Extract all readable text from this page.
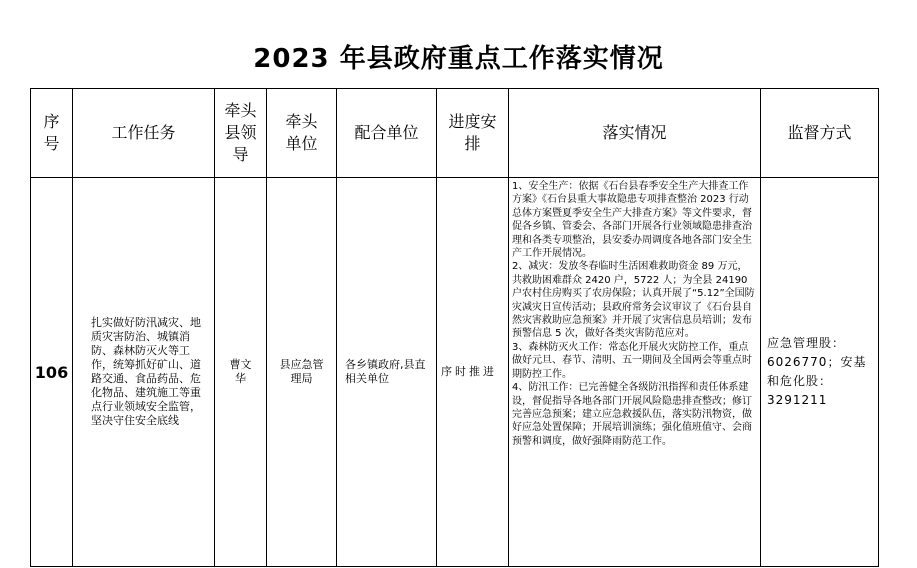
2023 年县政府重点工作落实情况
序号	工作任务	牵头县领导	牵头单位	配合单位	进度安排	落实情况	监督方式
106	扎实做好防汛减灾、地质灾害防治、城镇消防、森林防灭火等工作，统筹抓好矿山、道路交通、食品药品、危化物品、建筑施工等重点行业领域安全监管，坚决守住安全底线	曹文华	县应急管理局	各乡镇政府,县直相关单位	序时推进	1、安全生产：依据《石台县春季安全生产大排查工作方案》《石台县重大事故隐患专项排查整治 2023 行动总体方案暨夏季安全生产大排查方案》等文件要求，督促各乡镇、管委会、各部门开展各行业领域隐患排查治理和各类专项整治，县安委办周调度各地各部门安全生产工作开展情况。
2、减灾：发放冬春临时生活困难救助资金 89 万元，共救助困难群众 2420 户，5722 人；为全县 24190 户农村住房购买了农房保险；认真开展了“5.12”全国防灾减灾日宣传活动；县政府常务会议审议了《石台县自然灾害救助应急预案》并开展了灾害信息员培训；发布预警信息 5 次，做好各类灾害防范应对。
3、森林防灭火工作：常态化开展火灾防控工作，重点做好元旦、春节、清明、五一期间及全国两会等重点时期防控工作。
4、防汛工作：已完善健全各级防汛指挥和责任体系建设，督促指导各地各部门开展风险隐患排查整改；修订完善应急预案；建立应急救援队伍，落实防汛物资，做好应急处置保障；开展培训演练；强化值班值守、会商预警和调度，做好强降雨防范工作。	应急管理股：6026770；安基和危化股：3291211
